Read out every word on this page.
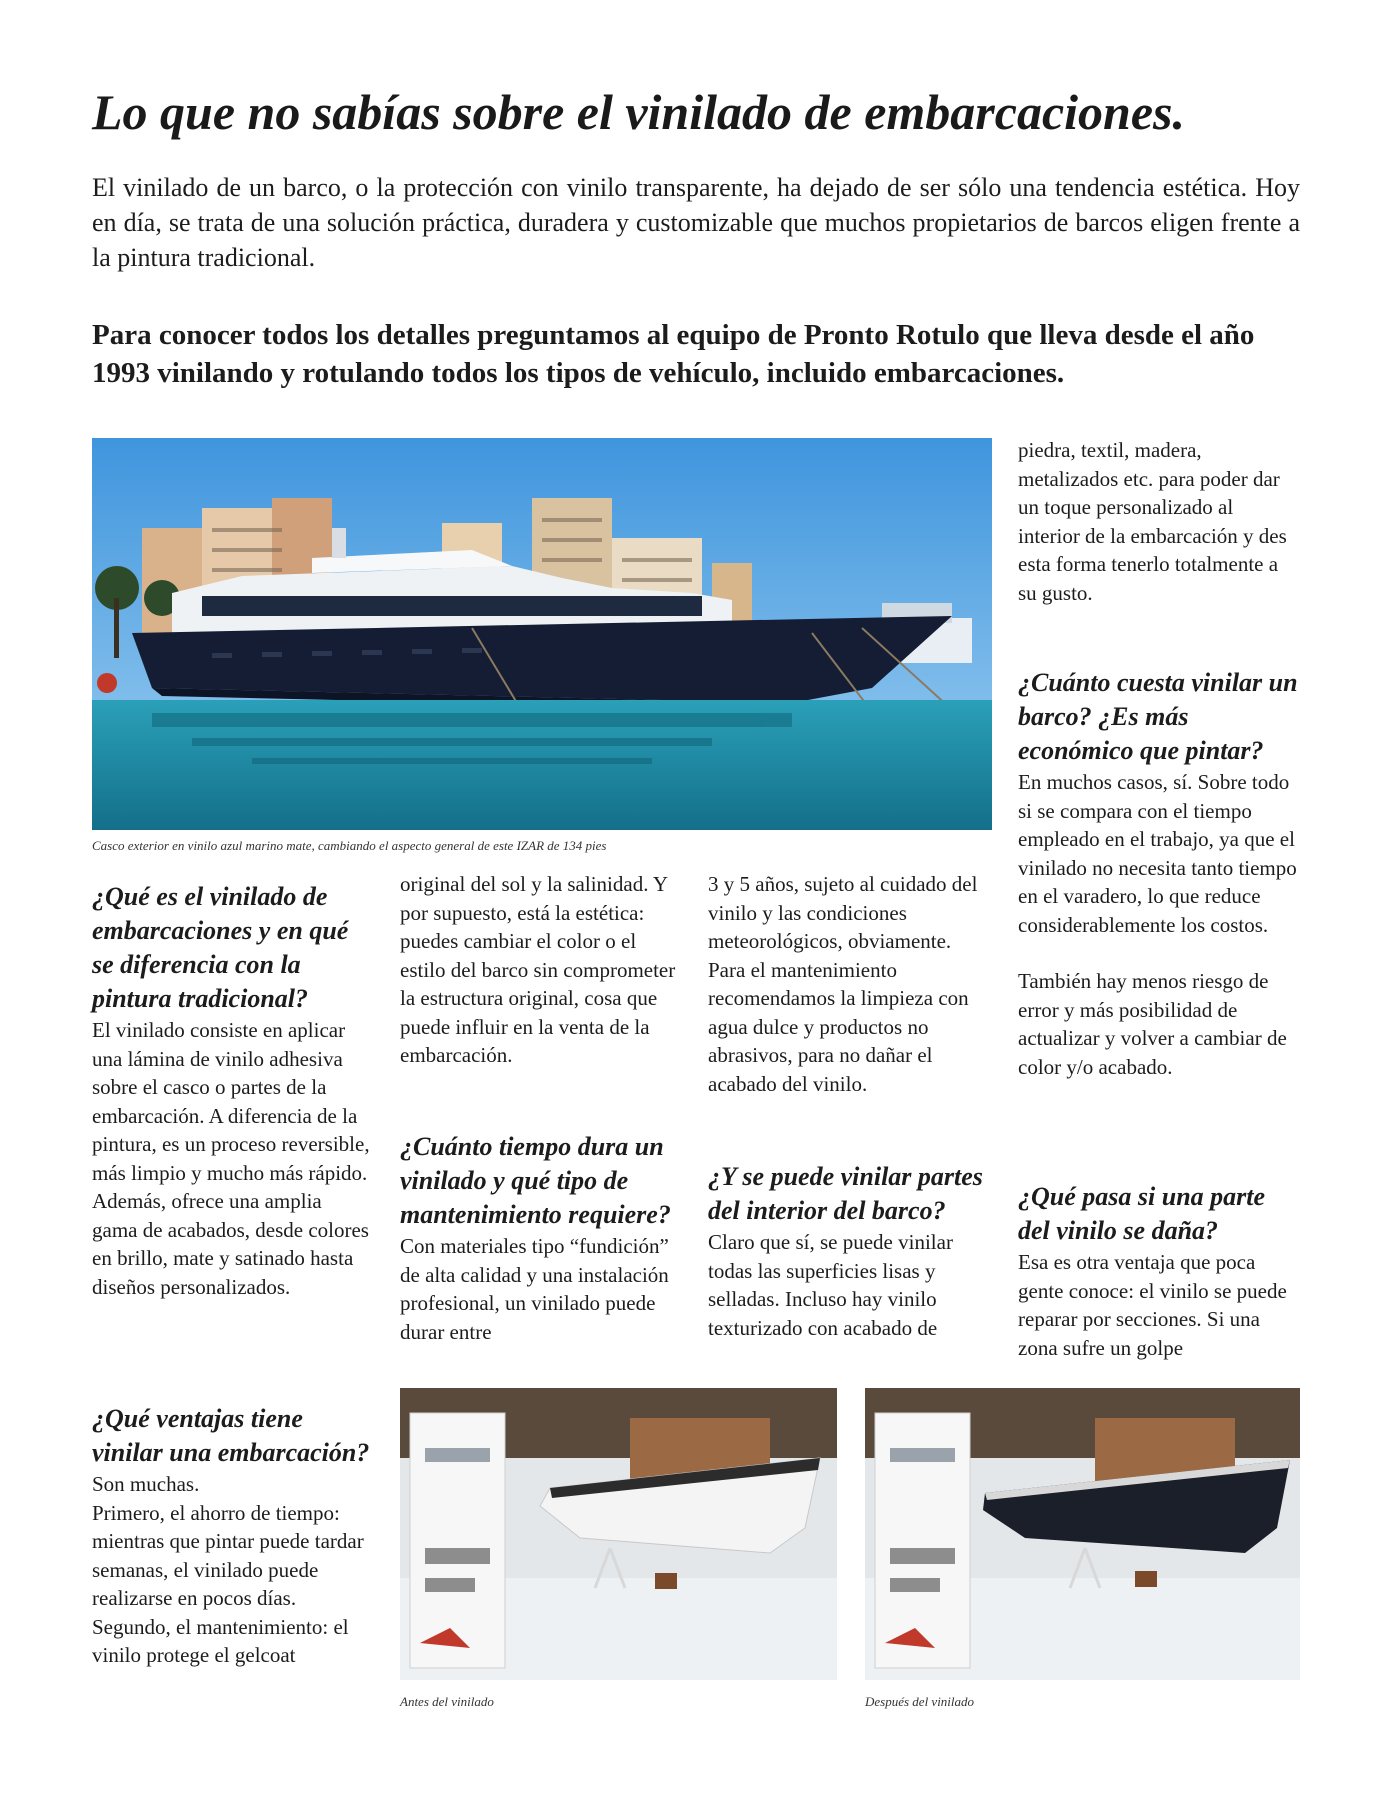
Lo que no sabías sobre el vinilado de embarcaciones.

El vinilado de un barco, o la protección con vinilo transparente, ha dejado de ser sólo una tendencia estética. Hoy en día, se trata de una solución práctica, duradera y customizable que muchos propietarios de barcos eligen frente a la pintura tradicional.

Para conocer todos los detalles preguntamos al equipo de Pronto Rotulo que lleva desde el año 1993 vinilando y rotulando todos los tipos de vehículo, incluido embarcaciones.

Casco exterior en vinilo azul marino mate, cambiando el aspecto general de este IZAR de 134 pies

¿Qué es el vinilado de embarcaciones y en qué se diferencia con la pintura tradicional?

El vinilado consiste en aplicar una lámina de vinilo adhesiva sobre el casco o partes de la embarcación. A diferencia de la pintura, es un proceso reversible, más limpio y mucho más rápido. Además, ofrece una amplia gama de acabados, desde colores en brillo, mate y satinado hasta diseños personalizados.

¿Qué ventajas tiene vinilar una embarcación?

Son muchas.

Primero, el ahorro de tiempo: mientras que pintar puede tardar semanas, el vinilado puede realizarse en pocos días.

Segundo, el mantenimiento: el vinilo protege el gelcoat

original del sol y la salinidad. Y por supuesto, está la estética: puedes cambiar el color o el estilo del barco sin comprometer la estructura original, cosa que puede influir en la venta de la embarcación.

¿Cuánto tiempo dura un vinilado y qué tipo de mantenimiento requiere?

Con materiales tipo “fundición” de alta calidad y una instalación profesional, un vinilado puede durar entre

3 y 5 años, sujeto al cuidado del vinilo y las condiciones meteorológicos, obviamente. Para el mantenimiento recomendamos la limpieza con agua dulce y productos no abrasivos, para no dañar el acabado del vinilo.

¿Y se puede vinilar partes del interior del barco?

Claro que sí, se puede vinilar todas las superficies lisas y selladas. Incluso hay vinilo texturizado con acabado de

piedra, textil, madera, metalizados etc. para poder dar un toque personalizado al interior de la embarcación y des esta forma tenerlo totalmente a su gusto.

¿Cuánto cuesta vinilar un barco? ¿Es más económico que pintar?

En muchos casos, sí. Sobre todo si se compara con el tiempo empleado en el trabajo, ya que el vinilado no necesita tanto tiempo en el varadero, lo que reduce considerablemente los costos.

También hay menos riesgo de error y más posibilidad de actualizar y volver a cambiar de color y/o acabado.

¿Qué pasa si una parte del vinilo se daña?

Esa es otra ventaja que poca gente conoce: el vinilo se puede reparar por secciones. Si una zona sufre un golpe

Antes del vinilado	Después del vinilado
